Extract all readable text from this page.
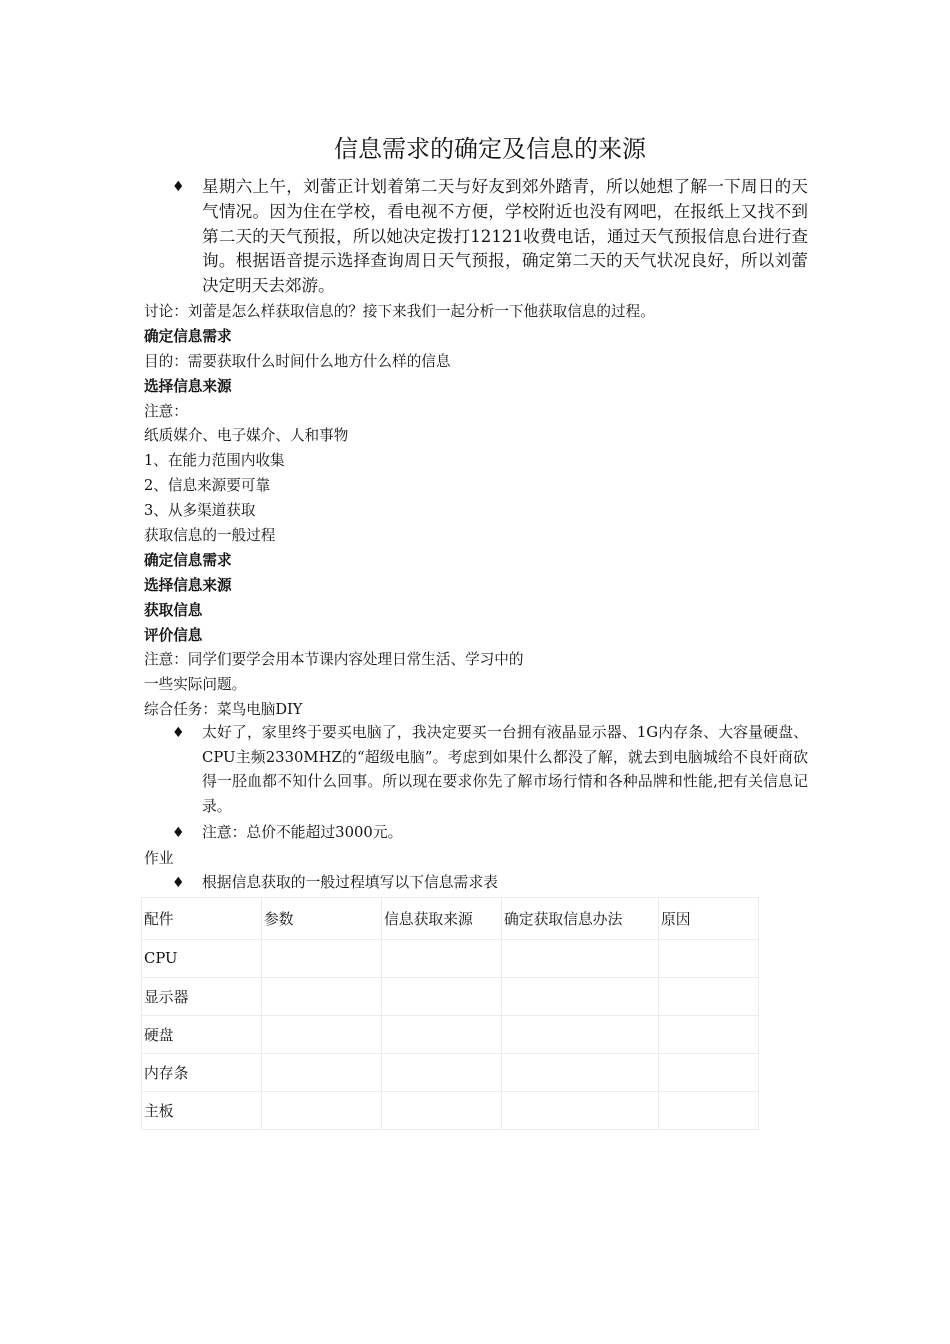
信息需求的确定及信息的来源
♦	星期六上午，刘蕾正计划着第二天与好友到郊外踏青，所以她想了解一下周日的天气情况。因为住在学校，看电视不方便，学校附近也没有网吧，在报纸上又找不到第二天的天气预报，所以她决定拨打12121收费电话，通过天气预报信息台进行查询。根据语音提示选择查询周日天气预报，确定第二天的天气状况良好，所以刘蕾决定明天去郊游。
讨论：刘蕾是怎么样获取信息的？接下来我们一起分析一下他获取信息的过程。
确定信息需求
目的：需要获取什么时间什么地方什么样的信息
选择信息来源
注意：
纸质媒介、电子媒介、人和事物
1、在能力范围内收集
2、信息来源要可靠
3、从多渠道获取
获取信息的一般过程
确定信息需求
选择信息来源
获取信息
评价信息
注意：同学们要学会用本节课内容处理日常生活、学习中的
一些实际问题。
综合任务：菜鸟电脑DIY
♦	太好了，家里终于要买电脑了，我决定要买一台拥有液晶显示器、1G内存条、大容量硬盘、CPU主频2330MHZ的“超级电脑”。考虑到如果什么都没了解，就去到电脑城给不良奸商砍得一胫血都不知什么回事。所以现在要求你先了解市场行情和各种品牌和性能,把有关信息记录。
♦	注意：总价不能超过3000元。
作业
♦	根据信息获取的一般过程填写以下信息需求表
配件	参数	信息获取来源	确定获取信息办法	原因
CPU				
显示器				
硬盘				
内存条				
主板				
